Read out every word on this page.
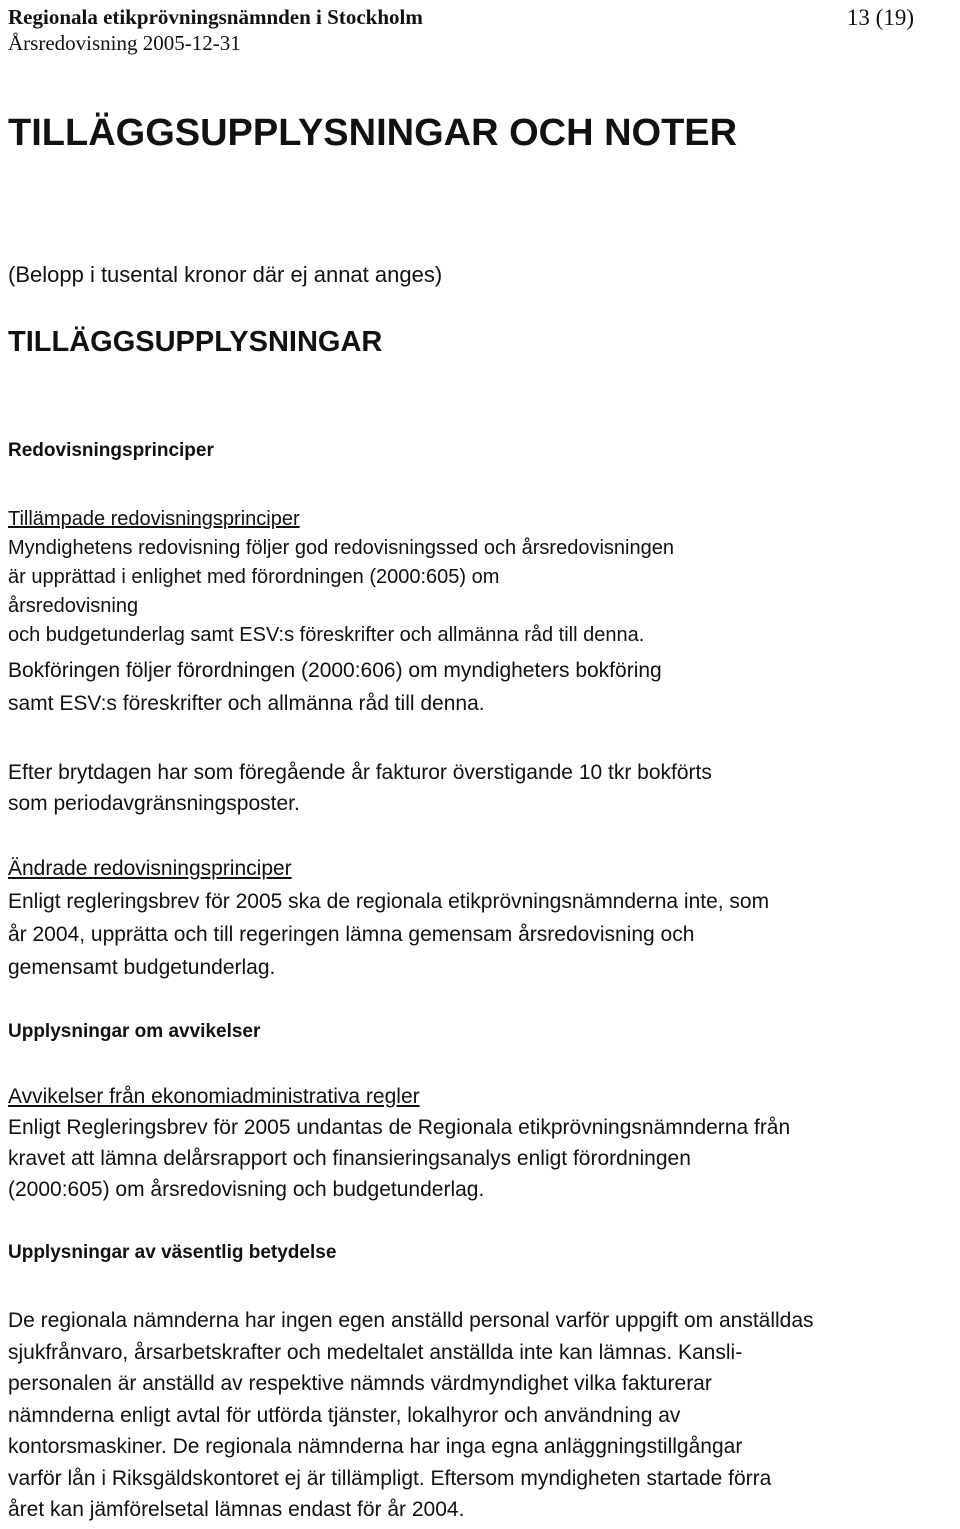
Regionala etikprövningsnämnden i Stockholm
Årsredovisning 2005-12-31
13 (19)
TILLÄGGSUPPLYSNINGAR OCH NOTER
(Belopp i tusental kronor där ej annat anges)
TILLÄGGSUPPLYSNINGAR
Redovisningsprinciper
Tillämpade redovisningsprinciper
Myndighetens redovisning följer god redovisningssed och årsredovisningen
är upprättad i enlighet med förordningen (2000:605) om
årsredovisning
och budgetunderlag samt ESV:s föreskrifter och allmänna råd till denna.
Bokföringen följer förordningen (2000:606) om myndigheters bokföring
samt ESV:s föreskrifter och allmänna råd till denna.
Efter brytdagen har som föregående år fakturor överstigande 10 tkr bokförts
som periodavgränsningsposter.
Ändrade redovisningsprinciper
Enligt regleringsbrev för 2005 ska de regionala etikprövningsnämnderna inte, som
år 2004, upprätta och till regeringen lämna gemensam årsredovisning och
gemensamt budgetunderlag.
Upplysningar om avvikelser
Avvikelser från ekonomiadministrativa regler
Enligt Regleringsbrev för 2005 undantas de Regionala etikprövningsnämnderna från
kravet att lämna delårsrapport och finansieringsanalys enligt förordningen
(2000:605) om årsredovisning och budgetunderlag.
Upplysningar av väsentlig betydelse
De regionala nämnderna har ingen egen anställd personal varför uppgift om anställdas
sjukfrånvaro, årsarbetskrafter och medeltalet anställda inte kan lämnas. Kansli-
personalen är anställd av respektive nämnds värdmyndighet vilka fakturerar
nämnderna enligt avtal för utförda tjänster, lokalhyror och användning av
kontorsmaskiner. De regionala nämnderna har inga egna anläggningstillgångar
varför lån i Riksgäldskontoret ej är tillämpligt. Eftersom myndigheten startade förra
året kan jämförelsetal lämnas endast för år 2004.
